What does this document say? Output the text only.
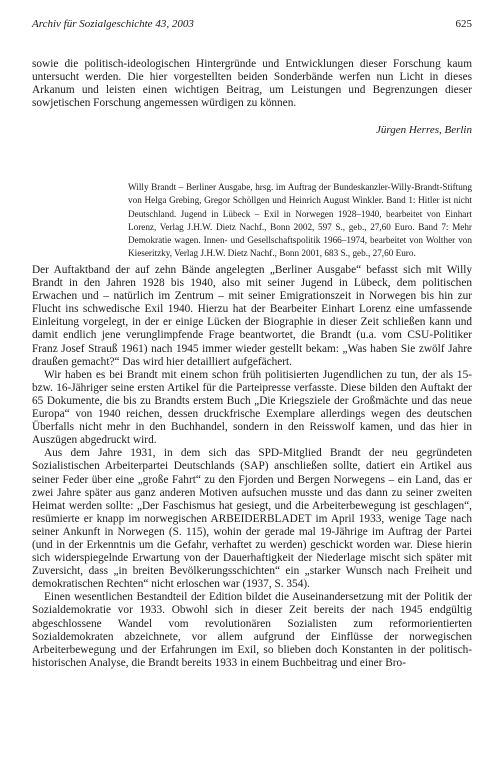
Archiv für Sozialgeschichte 43, 2003	625

sowie die politisch-ideologischen Hintergründe und Entwicklungen dieser Forschung kaum untersucht werden. Die hier vorgestellten beiden Sonderbände werfen nun Licht in dieses Arkanum und leisten einen wichtigen Beitrag, um Leistungen und Begrenzungen dieser sowjetischen Forschung angemessen würdigen zu können.

Jürgen Herres, Berlin

Willy Brandt – Berliner Ausgabe, hrsg. im Auftrag der Bundeskanzler-Willy-Brandt-Stiftung von Helga Grebing, Gregor Schöllgen und Heinrich August Winkler. Band 1: Hitler ist nicht Deutschland. Jugend in Lübeck – Exil in Norwegen 1928–1940, bearbeitet von Einhart Lorenz, Verlag J.H.W. Dietz Nachf., Bonn 2002, 597 S., geb., 27,60 Euro. Band 7: Mehr Demokratie wagen. Innen- und Gesellschaftspolitik 1966–1974, bearbeitet von Wolther von Kieseritzky, Verlag J.H.W. Dietz Nachf., Bonn 2001, 683 S., geb., 27,60 Euro.

Der Auftaktband der auf zehn Bände angelegten „Berliner Ausgabe“ befasst sich mit Willy Brandt in den Jahren 1928 bis 1940, also mit seiner Jugend in Lübeck, dem politischen Erwachen und – natürlich im Zentrum – mit seiner Emigrationszeit in Norwegen bis hin zur Flucht ins schwedische Exil 1940. Hierzu hat der Bearbeiter Einhart Lorenz eine umfassende Einleitung vorgelegt, in der er einige Lücken der Biographie in dieser Zeit schließen kann und damit endlich jene verunglimpfende Frage beantwortet, die Brandt (u.a. vom CSU-Politiker Franz Josef Strauß 1961) nach 1945 immer wieder gestellt bekam: „Was haben Sie zwölf Jahre draußen gemacht?“ Das wird hier detailliert aufgefächert.

Wir haben es bei Brandt mit einem schon früh politisierten Jugendlichen zu tun, der als 15- bzw. 16-Jähriger seine ersten Artikel für die Parteipresse verfasste. Diese bilden den Auftakt der 65 Dokumente, die bis zu Brandts erstem Buch „Die Kriegsziele der Großmächte und das neue Europa“ von 1940 reichen, dessen druckfrische Exemplare allerdings wegen des deutschen Überfalls nicht mehr in den Buchhandel, sondern in den Reisswolf kamen, und das hier in Auszügen abgedruckt wird.

Aus dem Jahre 1931, in dem sich das SPD-Mitglied Brandt der neu gegründeten Sozialistischen Arbeiterpartei Deutschlands (SAP) anschließen sollte, datiert ein Artikel aus seiner Feder über eine „große Fahrt“ zu den Fjorden und Bergen Norwegens – ein Land, das er zwei Jahre später aus ganz anderen Motiven aufsuchen musste und das dann zu seiner zweiten Heimat werden sollte: „Der Faschismus hat gesiegt, und die Arbeiterbewegung ist geschlagen“, resümierte er knapp im norwegischen ARBEIDERBLADET im April 1933, wenige Tage nach seiner Ankunft in Norwegen (S. 115), wohin der gerade mal 19-Jährige im Auftrag der Partei (und in der Erkenntnis um die Gefahr, verhaftet zu werden) geschickt worden war. Diese hierin sich widerspiegelnde Erwartung von der Dauerhaftigkeit der Niederlage mischt sich später mit Zuversicht, dass „in breiten Bevölkerungsschichten“ ein „starker Wunsch nach Freiheit und demokratischen Rechten“ nicht erloschen war (1937, S. 354).

Einen wesentlichen Bestandteil der Edition bildet die Auseinandersetzung mit der Politik der Sozialdemokratie vor 1933. Obwohl sich in dieser Zeit bereits der nach 1945 endgültig abgeschlossene Wandel vom revolutionären Sozialisten zum reformorientierten Sozialdemokraten abzeichnete, vor allem aufgrund der Einflüsse der norwegischen Arbeiterbewegung und der Erfahrungen im Exil, so blieben doch Konstanten in der politisch-historischen Analyse, die Brandt bereits 1933 in einem Buchbeitrag und einer Bro-
